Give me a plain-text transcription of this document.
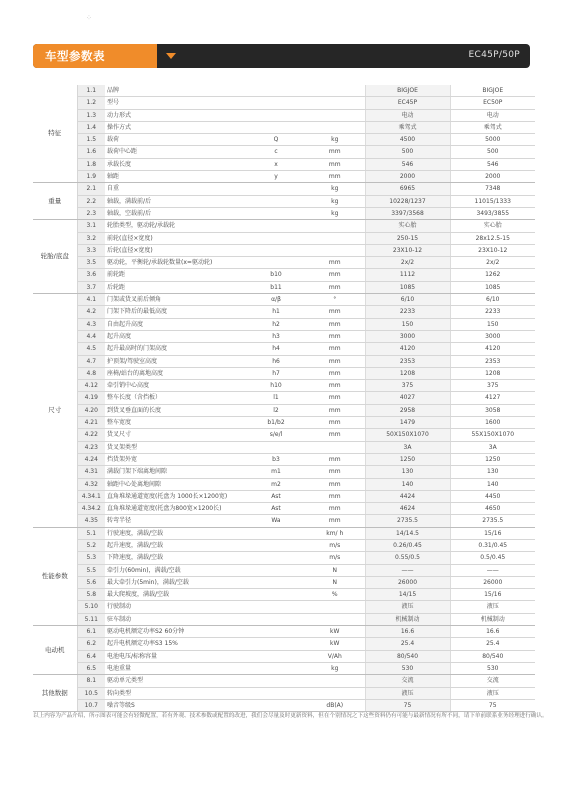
⁘
车型参数表	EC45P/50P
特征	1.1	品牌			BIGJOE	BIGJOE
	1.2	型号			EC45P	EC50P
	1.3	动力形式			电动	电动
	1.4	操作方式			乘驾式	乘驾式
	1.5	载荷	Q	kg	4500	5000
	1.6	载荷中心距	c	mm	500	500
	1.8	承载长度	x	mm	546	546
	1.9	轴距	y	mm	2000	2000
重量	2.1	自重		kg	6965	7348
	2.2	轴载，满载前/后		kg	10228/1237	11015/1333
	2.3	轴载，空载前/后		kg	3397/3568	3493/3855
轮胎/底盘	3.1	轮胎类型，驱动轮/承载轮			实心胎	实心胎
	3.2	前轮(直径×宽度)			250-15	28x12.5-15
	3.3	后轮(直径×宽度)			23X10-12	23X10-12
	3.5	驱动轮，平衡轮/承载轮数量(x=驱动轮)		mm	2x/2	2x/2
	3.6	前轮距	b10	mm	1112	1262
	3.7	后轮距	b11	mm	1085	1085
尺寸	4.1	门架或货叉前后倾角	α/β	°	6/10	6/10
	4.2	门架下降后的最低高度	h1	mm	2233	2233
	4.3	自由起升高度	h2	mm	150	150
	4.4	起升高度	h3	mm	3000	3000
	4.5	起升最高时的门架高度	h4	mm	4120	4120
	4.7	护顶架/驾驶室高度	h6	mm	2353	2353
	4.8	座椅/站台的离地高度	h7	mm	1208	1208
	4.12	牵引销中心高度	h10	mm	375	375
	4.19	整车长度（含挡板）	l1	mm	4027	4127
	4.20	到货叉垂直面的长度	l2	mm	2958	3058
	4.21	整车宽度	b1/b2	mm	1479	1600
	4.22	货叉尺寸	s/e/l	mm	50X150X1070	55X150X1070
	4.23	货叉架类型			3A	3A
	4.24	挡货架外宽	b3	mm	1250	1250
	4.31	满载门架下端离地间隙	m1	mm	130	130
	4.32	轴距中心处离地间隙	m2	mm	140	140
	4.34.1	直角堆垛通道宽度(托盘为 1000长×1200宽)	Ast	mm	4424	4450
	4.34.2	直角堆垛通道宽度(托盘为800宽×1200长)	Ast	mm	4624	4650
	4.35	转弯半径	Wa	mm	2735.5	2735.5
性能参数	5.1	行驶速度，满载/空载		km/ h	14/14.5	15/16
	5.2	起升速度，满载/空载		m/s	0.26/0.45	0.31/0.45
	5.3	下降速度，满载/空载		m/s	0.55/0.5	0.5/0.45
	5.5	牵引力(60min)，满载/空载		N	——	——
	5.6	最大牵引力(5min)，满载/空载		N	26000	26000
	5.8	最大爬坡度，满载/空载		%	14/15	15/16
	5.10	行驶制动			液压	液压
	5.11	驻车制动			机械制动	机械制动
电动机	6.1	驱动电机额定功率S2 60分钟		kW	16.6	16.6
	6.2	起升电机额定功率S3 15%		kW	25.4	25.4
	6.4	电池电压/标称容量		V/Ah	80/540	80/540
	6.5	电池重量		kg	530	530
其他数据	8.1	驱动单元类型			交流	交流
	10.5	转向类型			液压	液压
	10.7	噪音等级S		dB(A)	75	75
以上内容为产品介绍，所示图表可能会有轻微配置，若有外观、技术参数或配置的改进，我们会尽量及时更新资料，但在个别情况之下这些资料仍有可能与最新情况有所不同，请下单前联系业务经理进行确认。
